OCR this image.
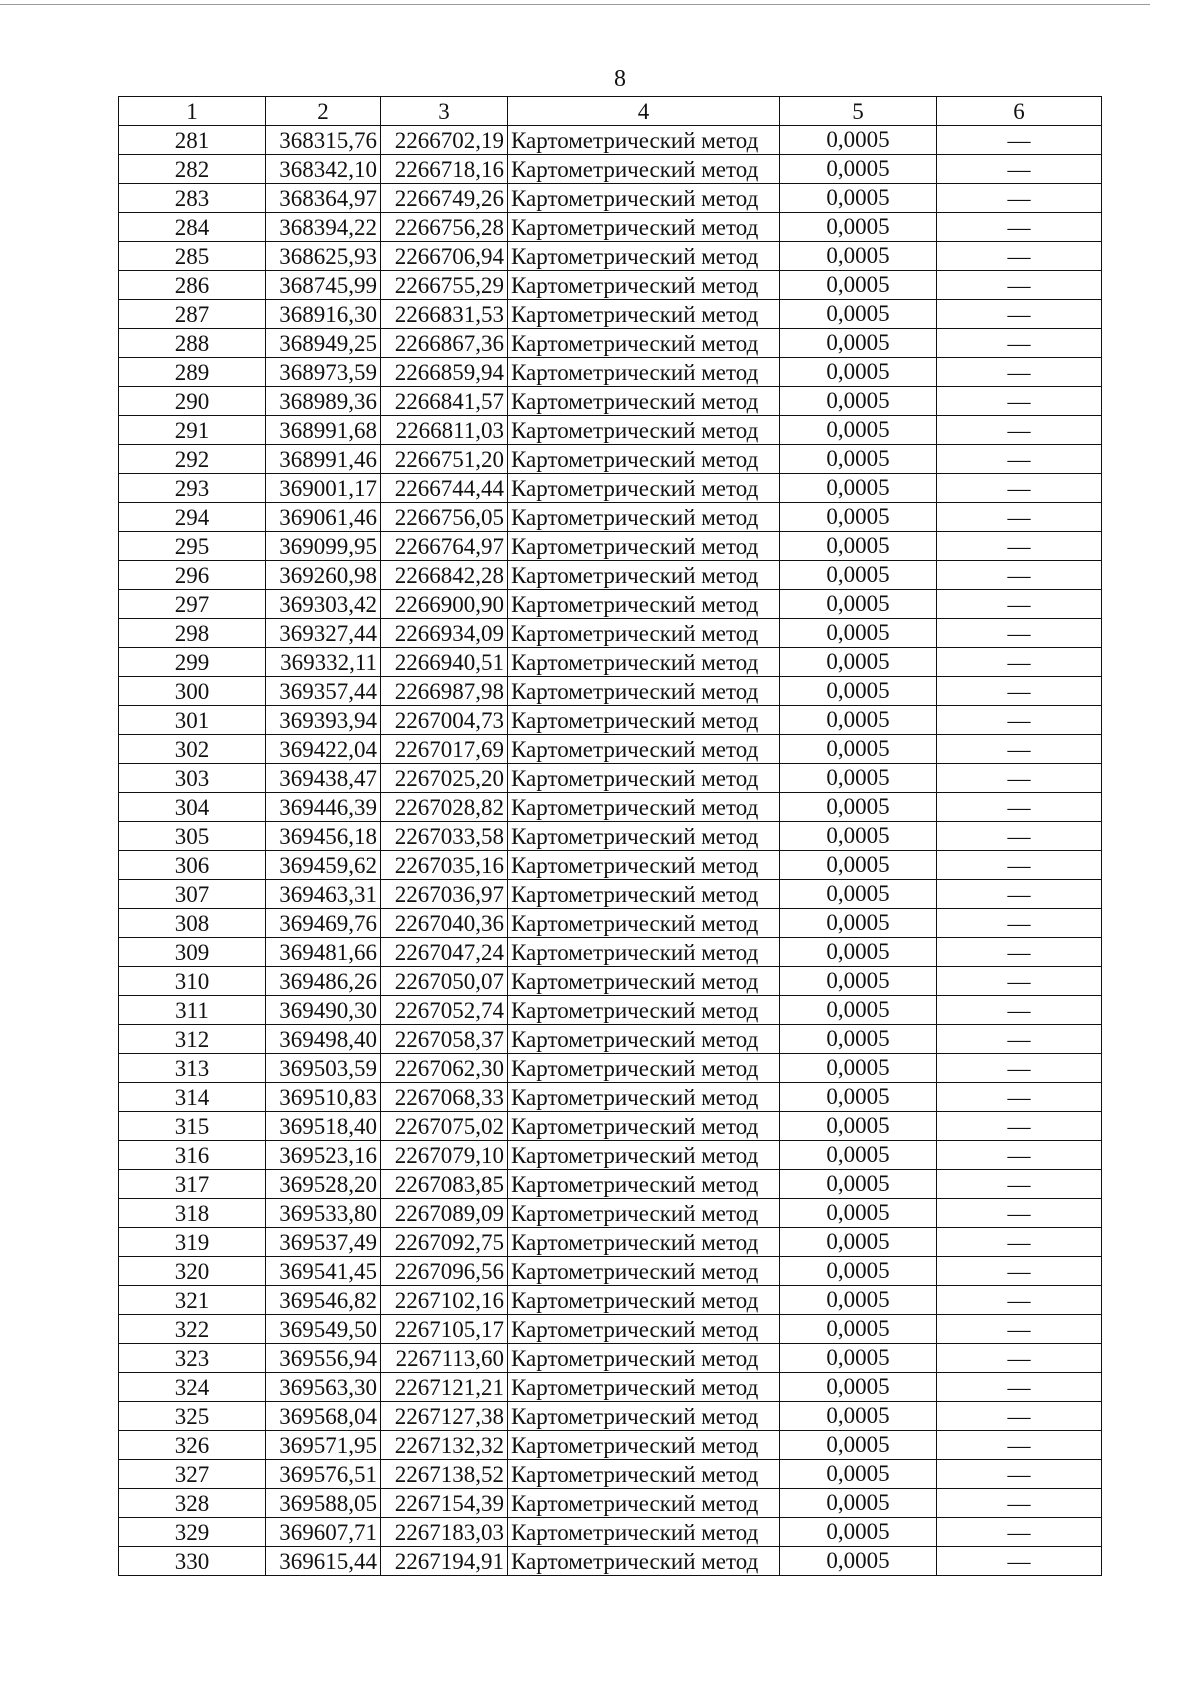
8
1	2	3	4	5	6
281	368315,76	2266702,19	Картометрический метод	0,0005	—
282	368342,10	2266718,16	Картометрический метод	0,0005	—
283	368364,97	2266749,26	Картометрический метод	0,0005	—
284	368394,22	2266756,28	Картометрический метод	0,0005	—
285	368625,93	2266706,94	Картометрический метод	0,0005	—
286	368745,99	2266755,29	Картометрический метод	0,0005	—
287	368916,30	2266831,53	Картометрический метод	0,0005	—
288	368949,25	2266867,36	Картометрический метод	0,0005	—
289	368973,59	2266859,94	Картометрический метод	0,0005	—
290	368989,36	2266841,57	Картометрический метод	0,0005	—
291	368991,68	2266811,03	Картометрический метод	0,0005	—
292	368991,46	2266751,20	Картометрический метод	0,0005	—
293	369001,17	2266744,44	Картометрический метод	0,0005	—
294	369061,46	2266756,05	Картометрический метод	0,0005	—
295	369099,95	2266764,97	Картометрический метод	0,0005	—
296	369260,98	2266842,28	Картометрический метод	0,0005	—
297	369303,42	2266900,90	Картометрический метод	0,0005	—
298	369327,44	2266934,09	Картометрический метод	0,0005	—
299	369332,11	2266940,51	Картометрический метод	0,0005	—
300	369357,44	2266987,98	Картометрический метод	0,0005	—
301	369393,94	2267004,73	Картометрический метод	0,0005	—
302	369422,04	2267017,69	Картометрический метод	0,0005	—
303	369438,47	2267025,20	Картометрический метод	0,0005	—
304	369446,39	2267028,82	Картометрический метод	0,0005	—
305	369456,18	2267033,58	Картометрический метод	0,0005	—
306	369459,62	2267035,16	Картометрический метод	0,0005	—
307	369463,31	2267036,97	Картометрический метод	0,0005	—
308	369469,76	2267040,36	Картометрический метод	0,0005	—
309	369481,66	2267047,24	Картометрический метод	0,0005	—
310	369486,26	2267050,07	Картометрический метод	0,0005	—
311	369490,30	2267052,74	Картометрический метод	0,0005	—
312	369498,40	2267058,37	Картометрический метод	0,0005	—
313	369503,59	2267062,30	Картометрический метод	0,0005	—
314	369510,83	2267068,33	Картометрический метод	0,0005	—
315	369518,40	2267075,02	Картометрический метод	0,0005	—
316	369523,16	2267079,10	Картометрический метод	0,0005	—
317	369528,20	2267083,85	Картометрический метод	0,0005	—
318	369533,80	2267089,09	Картометрический метод	0,0005	—
319	369537,49	2267092,75	Картометрический метод	0,0005	—
320	369541,45	2267096,56	Картометрический метод	0,0005	—
321	369546,82	2267102,16	Картометрический метод	0,0005	—
322	369549,50	2267105,17	Картометрический метод	0,0005	—
323	369556,94	2267113,60	Картометрический метод	0,0005	—
324	369563,30	2267121,21	Картометрический метод	0,0005	—
325	369568,04	2267127,38	Картометрический метод	0,0005	—
326	369571,95	2267132,32	Картометрический метод	0,0005	—
327	369576,51	2267138,52	Картометрический метод	0,0005	—
328	369588,05	2267154,39	Картометрический метод	0,0005	—
329	369607,71	2267183,03	Картометрический метод	0,0005	—
330	369615,44	2267194,91	Картометрический метод	0,0005	—
